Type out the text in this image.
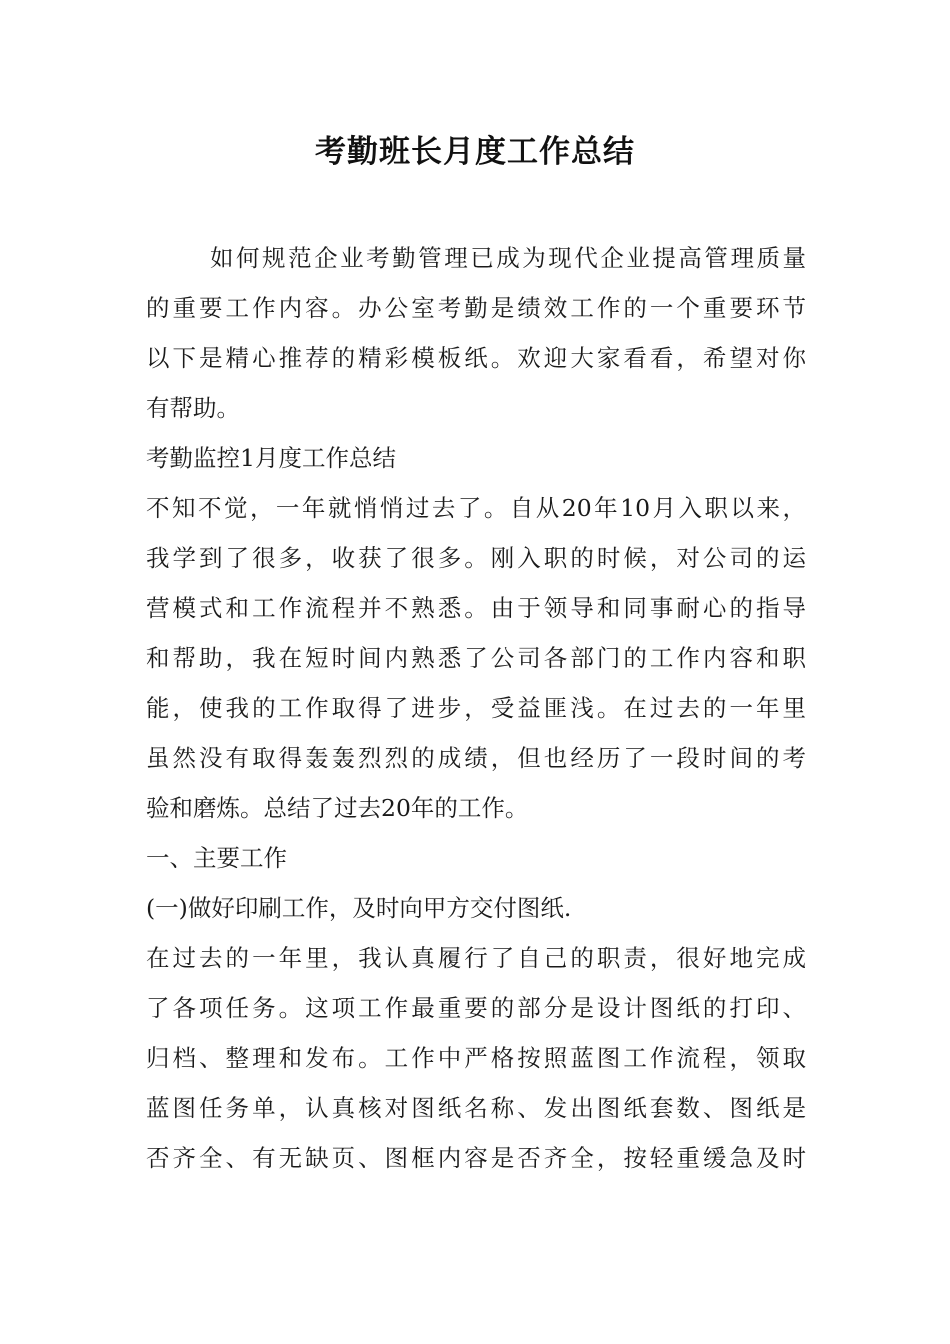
考勤班长月度工作总结
如何规范企业考勤管理已成为现代企业提高管理质量
的重要工作内容。办公室考勤是绩效工作的一个重要环节
以下是精心推荐的精彩模板纸。欢迎大家看看，希望对你
有帮助。
考勤监控1月度工作总结
不知不觉，一年就悄悄过去了。自从20年10月入职以来，
我学到了很多，收获了很多。刚入职的时候，对公司的运
营模式和工作流程并不熟悉。由于领导和同事耐心的指导
和帮助，我在短时间内熟悉了公司各部门的工作内容和职
能，使我的工作取得了进步，受益匪浅。在过去的一年里
虽然没有取得轰轰烈烈的成绩，但也经历了一段时间的考
验和磨炼。总结了过去20年的工作。
一、主要工作
(一)做好印刷工作，及时向甲方交付图纸.
在过去的一年里，我认真履行了自己的职责，很好地完成
了各项任务。这项工作最重要的部分是设计图纸的打印、
归档、整理和发布。工作中严格按照蓝图工作流程，领取
蓝图任务单，认真核对图纸名称、发出图纸套数、图纸是
否齐全、有无缺页、图框内容是否齐全，按轻重缓急及时
